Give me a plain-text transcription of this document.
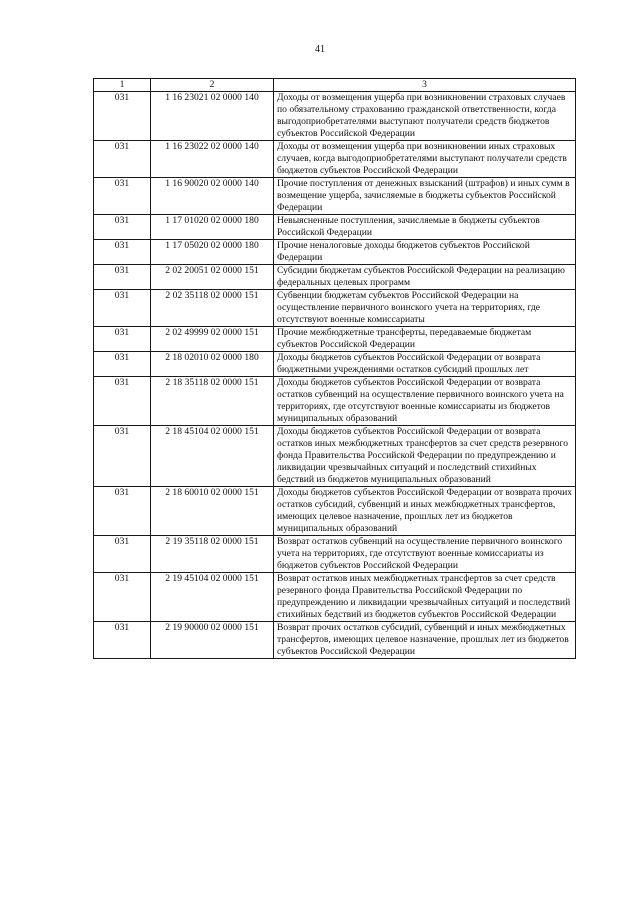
41
1	2	3
031	1 16 23021 02 0000 140	Доходы от возмещения ущерба при возникновении страховых случаев по обязательному страхованию гражданской ответственности, когда выгодоприобретателями выступают получатели средств бюджетов субъектов Российской Федерации
031	1 16 23022 02 0000 140	Доходы от возмещения ущерба при возникновении иных страховых случаев, когда выгодоприобретателями выступают получатели средств бюджетов субъектов Российской Федерации
031	1 16 90020 02 0000 140	Прочие поступления от денежных взысканий (штрафов) и иных сумм в возмещение ущерба, зачисляемые в бюджеты субъектов Российской Федерации
031	1 17 01020 02 0000 180	Невыясненные поступления, зачисляемые в бюджеты субъектов Российской Федерации
031	1 17 05020 02 0000 180	Прочие неналоговые доходы бюджетов субъектов Российской Федерации
031	2 02 20051 02 0000 151	Субсидии бюджетам субъектов Российской Федерации на реализацию федеральных целевых программ
031	2 02 35118 02 0000 151	Субвенции бюджетам субъектов Российской Федерации на осуществление первичного воинского учета на территориях, где отсутствуют военные комиссариаты
031	2 02 49999 02 0000 151	Прочие межбюджетные трансферты, передаваемые бюджетам субъектов Российской Федерации
031	2 18 02010 02 0000 180	Доходы бюджетов субъектов Российской Федерации от возврата бюджетными учреждениями остатков субсидий прошлых лет
031	2 18 35118 02 0000 151	Доходы бюджетов субъектов Российской Федерации от возврата остатков субвенций на осуществление первичного воинского учета на территориях, где отсутствуют военные комиссариаты из бюджетов муниципальных образований
031	2 18 45104 02 0000 151	Доходы бюджетов субъектов Российской Федерации от возврата остатков иных межбюджетных трансфертов за счет средств резервного фонда Правительства Российской Федерации по предупреждению и ликвидации чрезвычайных ситуаций и последствий стихийных бедствий из бюджетов муниципальных образований
031	2 18 60010 02 0000 151	Доходы бюджетов субъектов Российской Федерации от возврата прочих остатков субсидий, субвенций и иных межбюджетных трансфертов, имеющих целевое назначение, прошлых лет из бюджетов муниципальных образований
031	2 19 35118 02 0000 151	Возврат остатков субвенций на осуществление первичного воинского учета на территориях, где отсутствуют военные комиссариаты из бюджетов субъектов Российской Федерации
031	2 19 45104 02 0000 151	Возврат остатков иных межбюджетных трансфертов за счет средств резервного фонда Правительства Российской Федерации по предупреждению и ликвидации чрезвычайных ситуаций и последствий стихийных бедствий из бюджетов субъектов Российской Федерации
031	2 19 90000 02 0000 151	Возврат прочих остатков субсидий, субвенций и иных межбюджетных трансфертов, имеющих целевое назначение, прошлых лет из бюджетов субъектов Российской Федерации
